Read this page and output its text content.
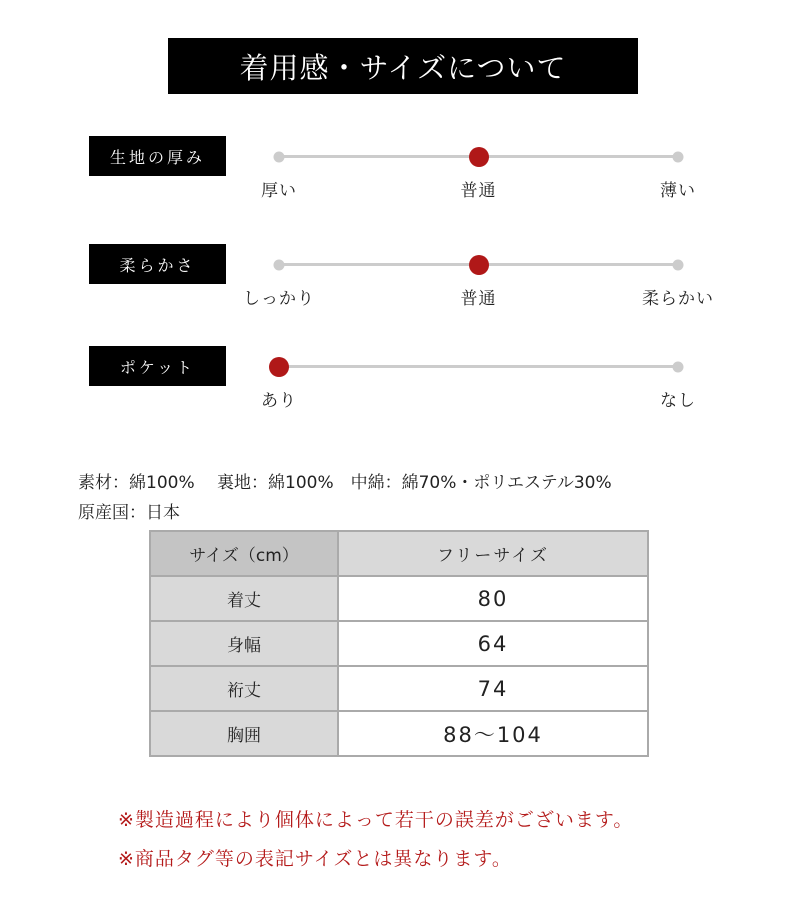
着用感・サイズについて
生地の厚み
厚い	普通	薄い
柔らかさ
しっかり	普通	柔らかい
ポケット
あり	なし
素材：綿100%　 裏地：綿100%　中綿：綿70%・ポリエステル30%
原産国：日本
サイズ（cm）	フリーサイズ
着丈	80
身幅	64
裄丈	74
胸囲	88〜104
※製造過程により個体によって若干の誤差がございます。
※商品タグ等の表記サイズとは異なります。
